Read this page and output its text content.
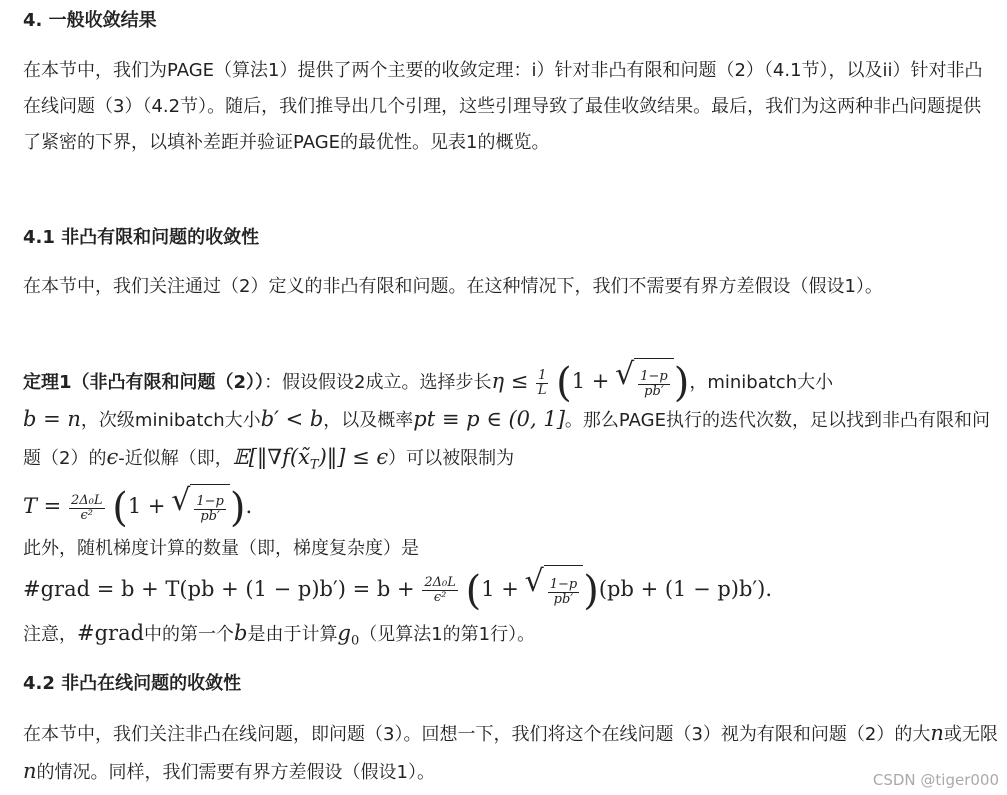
4. 一般收敛结果

在本节中，我们为PAGE（算法1）提供了两个主要的收敛定理：i）针对非凸有限和问题（2）（4.1节），以及ii）针对非凸在线问题（3）（4.2节）。随后，我们推导出几个引理，这些引理导致了最佳收敛结果。最后，我们为这两种非凸问题提供了紧密的下界，以填补差距并验证PAGE的最优性。见表1的概览。

4.1 非凸有限和问题的收敛性

在本节中，我们关注通过（2）定义的非凸有限和问题。在这种情况下，我们不需要有界方差假设（假设1）。

定理1（非凸有限和问题（2））：假设假设2成立。选择步长$\eta \le \frac{1}{L} (1$ + √ $\frac{1-p}{pb'}$ )，minibatch大小

b = n，次级minibatch大小b′ < b，以及概率pt ≡ p ∈ (0, 1]。那么PAGE执行的迭代次数，足以找到非凸有限和问题（2）的ϵ-近似解（即，$𝔼[‖\nabla f(x̃_T)‖] \le \epsilon$）可以被限制为

$T = \frac{\text{2Δ₀L}}{\text{ϵ²}} (1$ + √ $\frac{1-p}{pb'}$ ).

此外，随机梯度计算的数量（即，梯度复杂度）是

#grad = $b + T(pb + (1 - p)b') = b + \frac{\text{2Δ₀L}}{\text{ϵ²}} (1$ + √ $\frac{1-p}{pb'} )(pb + (1 - p)b')$.

注意，#grad中的第一个b是由于计算$g_0$（见算法1的第1行）。

4.2 非凸在线问题的收敛性

在本节中，我们关注非凸在线问题，即问题（3）。回想一下，我们将这个在线问题（3）视为有限和问题（2）的大n或无限n的情况。同样，我们需要有界方差假设（假设1）。	CSDN @tiger000
